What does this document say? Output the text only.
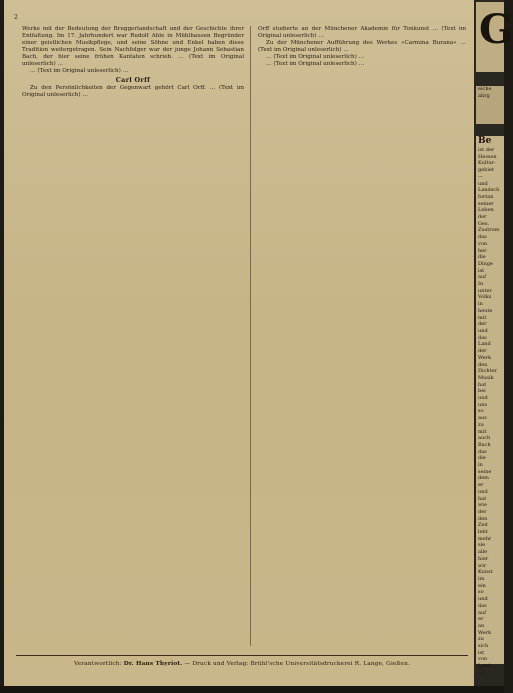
2

Werke mit der Bedeutung der Bruggerlandschaft und der Geschichte ihrer Entfaltung. Im 17. Jahrhundert war Rudolf Ahle in Mühlhausen Begründer einer geistlichen Musikpflege, und seine Söhne und Enkel haben diese Tradition weitergetragen. Sein Nachfolger war der junge Johann Sebastian Bach, der hier seine frühen Kantaten schrieb. … (Text im Original unleserlich) …

… (Text im Original unleserlich) …

Carl Orff

Zu den Persönlichkeiten der Gegenwart gehört Carl Orff. … (Text im Original unleserlich) …

Orff studierte an der Münchener Akademie für Tonkunst … (Text im Original unleserlich) …

Zu der Münchener Aufführung des Werkes »Carmina Burana« … (Text im Original unleserlich) …

… (Text im Original unleserlich) …

… (Text im Original unleserlich) …

Verantwortlich: Dr. Hans Thyriot. — Druck und Verlag: Brühl'sche Universitätsdruckerei R. Lange, Gießen.
G
eiche
ahrg
Be
ist der
Hessen
Kultur-
gebiet
—
und
Landsch
fortan
seiner
Leben
der
Ges.
Zustrom
das
von
her
die
Dinge
ist
auf
In
unter
Volks
in
heute
mit
der
und
das
Land
der
Werk
den
Dichter
Musik
hat
bei
und
uns
so
aus
zu
mit
auch
Bach
das
die
in
seine
dem
er
und
hat
wie
der
den
Zeit
lebt
mehr
sie
alle
hier
wir
Kunst
im
ein
so
und
das
auf
er
an
Werk
zu
sich
ist
von
Land
—
